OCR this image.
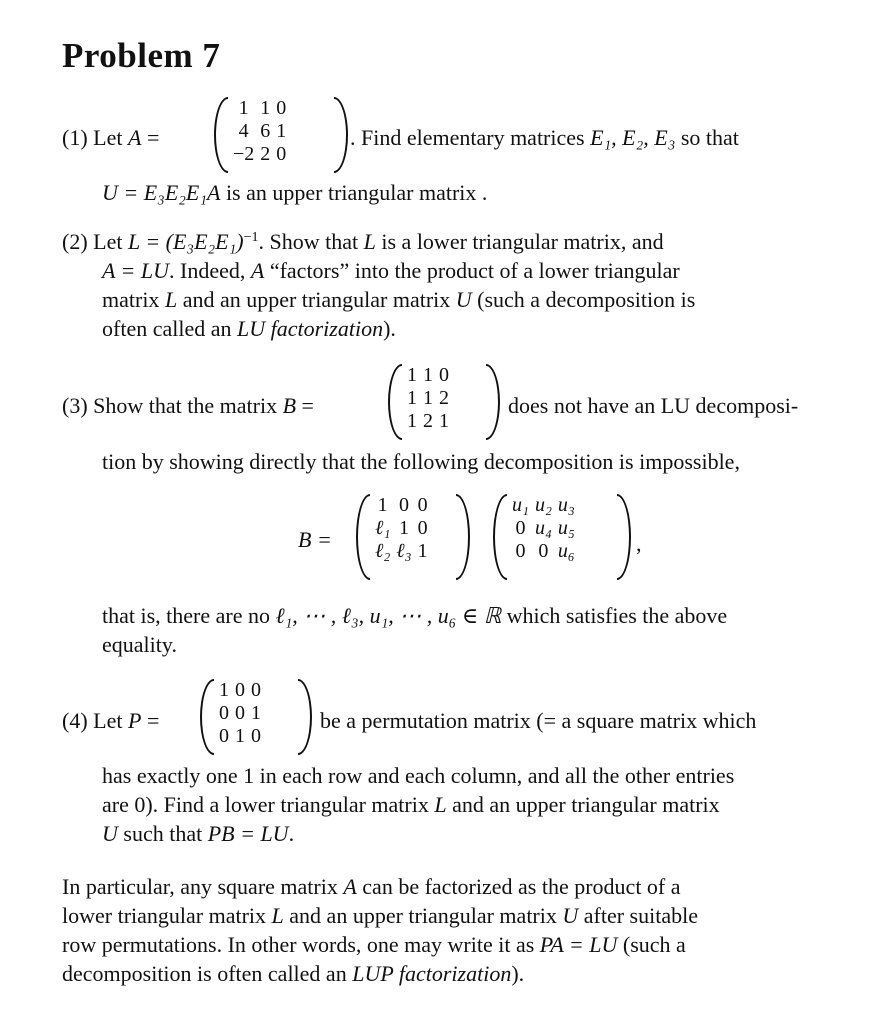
Problem 7
(1) Let A =
1	1	0
4	6	1
−2	2	0
. Find elementary matrices E₁, E₂, E₃ so that
U = E₃E₂E₁A is an upper triangular matrix .
(2) Let $L = (E_3E_2E_1)^{-1}$. Show that L is a lower triangular matrix, and
A = LU. Indeed, A “factors” into the product of a lower triangular
matrix L and an upper triangular matrix U (such a decomposition is
often called an LU factorization).
(3) Show that the matrix B =
1	1	0
1	1	2
1	2	1
does not have an LU decomposi-
tion by showing directly that the following decomposition is impossible,
B =
1	0	0
ℓ₁	1	0
ℓ₂	ℓ₃	1
u₁	u₂	u₃
0	u₄	u₅
0	0	u₆	,
that is, there are no ℓ₁, ⋯ , ℓ₃, u₁, ⋯ , u₆ ∈ ℝ which satisfies the above
equality.
(4) Let P =
1	0	0
0	0	1
0	1	0
be a permutation matrix (= a square matrix which
has exactly one 1 in each row and each column, and all the other entries
are 0). Find a lower triangular matrix L and an upper triangular matrix
U such that PB = LU.
In particular, any square matrix A can be factorized as the product of a
lower triangular matrix L and an upper triangular matrix U after suitable
row permutations. In other words, one may write it as PA = LU (such a
decomposition is often called an LUP factorization).
